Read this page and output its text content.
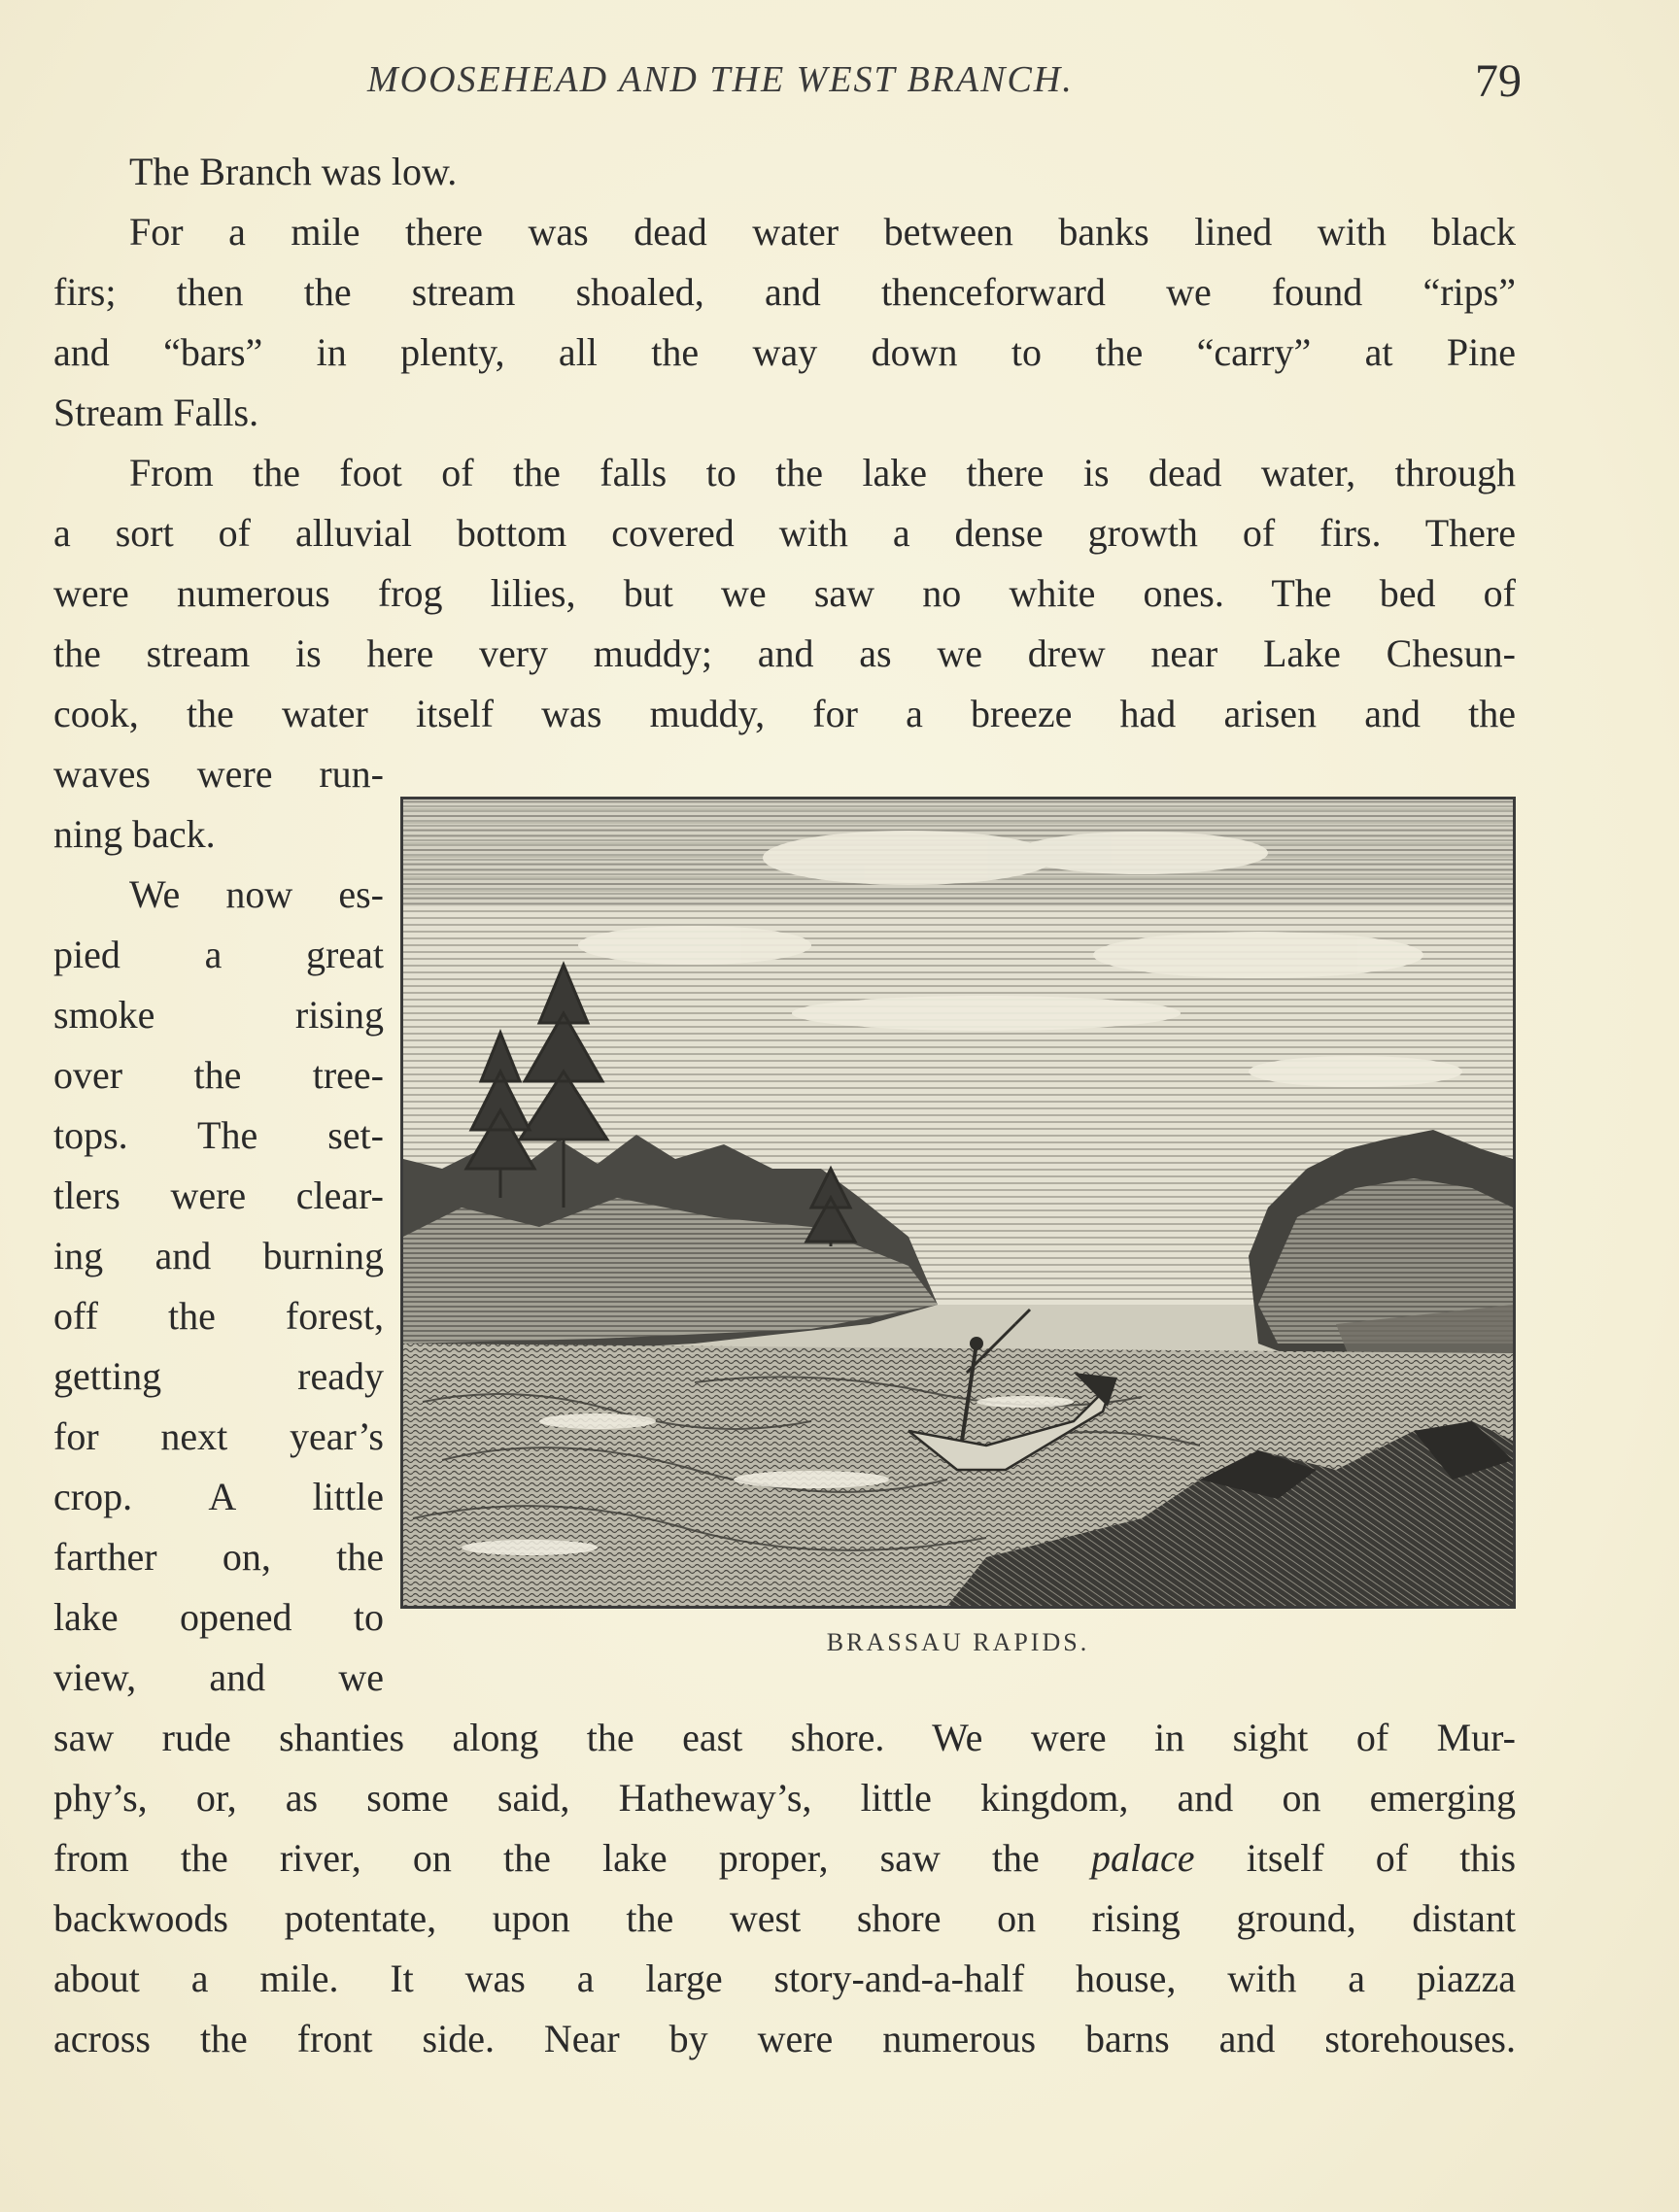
MOOSEHEAD AND THE WEST BRANCH.	79
The Branch was low.
For a mile there was dead water between banks lined with black
firs; then the stream shoaled, and thenceforward we found “rips”
and “bars” in plenty, all the way down to the “carry” at Pine
Stream Falls.
From the foot of the falls to the lake there is dead water, through
a sort of alluvial bottom covered with a dense growth of firs. There
were numerous frog lilies, but we saw no white ones. The bed of
the stream is here very muddy; and as we drew near Lake Chesun-
cook, the water itself was muddy, for a breeze had arisen and the
waves were run-
ning back.
We now es-
pied a great
smoke rising
over the tree-
tops. The set-
tlers were clear-
ing and burning
off the forest,
getting ready
for next year’s
crop. A little
farther on, the
lake opened to
view, and we
saw rude shanties along the east shore. We were in sight of Mur-
phy’s, or, as some said, Hatheway’s, little kingdom, and on emerging
from the river, on the lake proper, saw the palace itself of this
backwoods potentate, upon the west shore on rising ground, distant
about a mile. It was a large story-and-a-half house, with a piazza
across the front side. Near by were numerous barns and storehouses.
BRASSAU RAPIDS.
